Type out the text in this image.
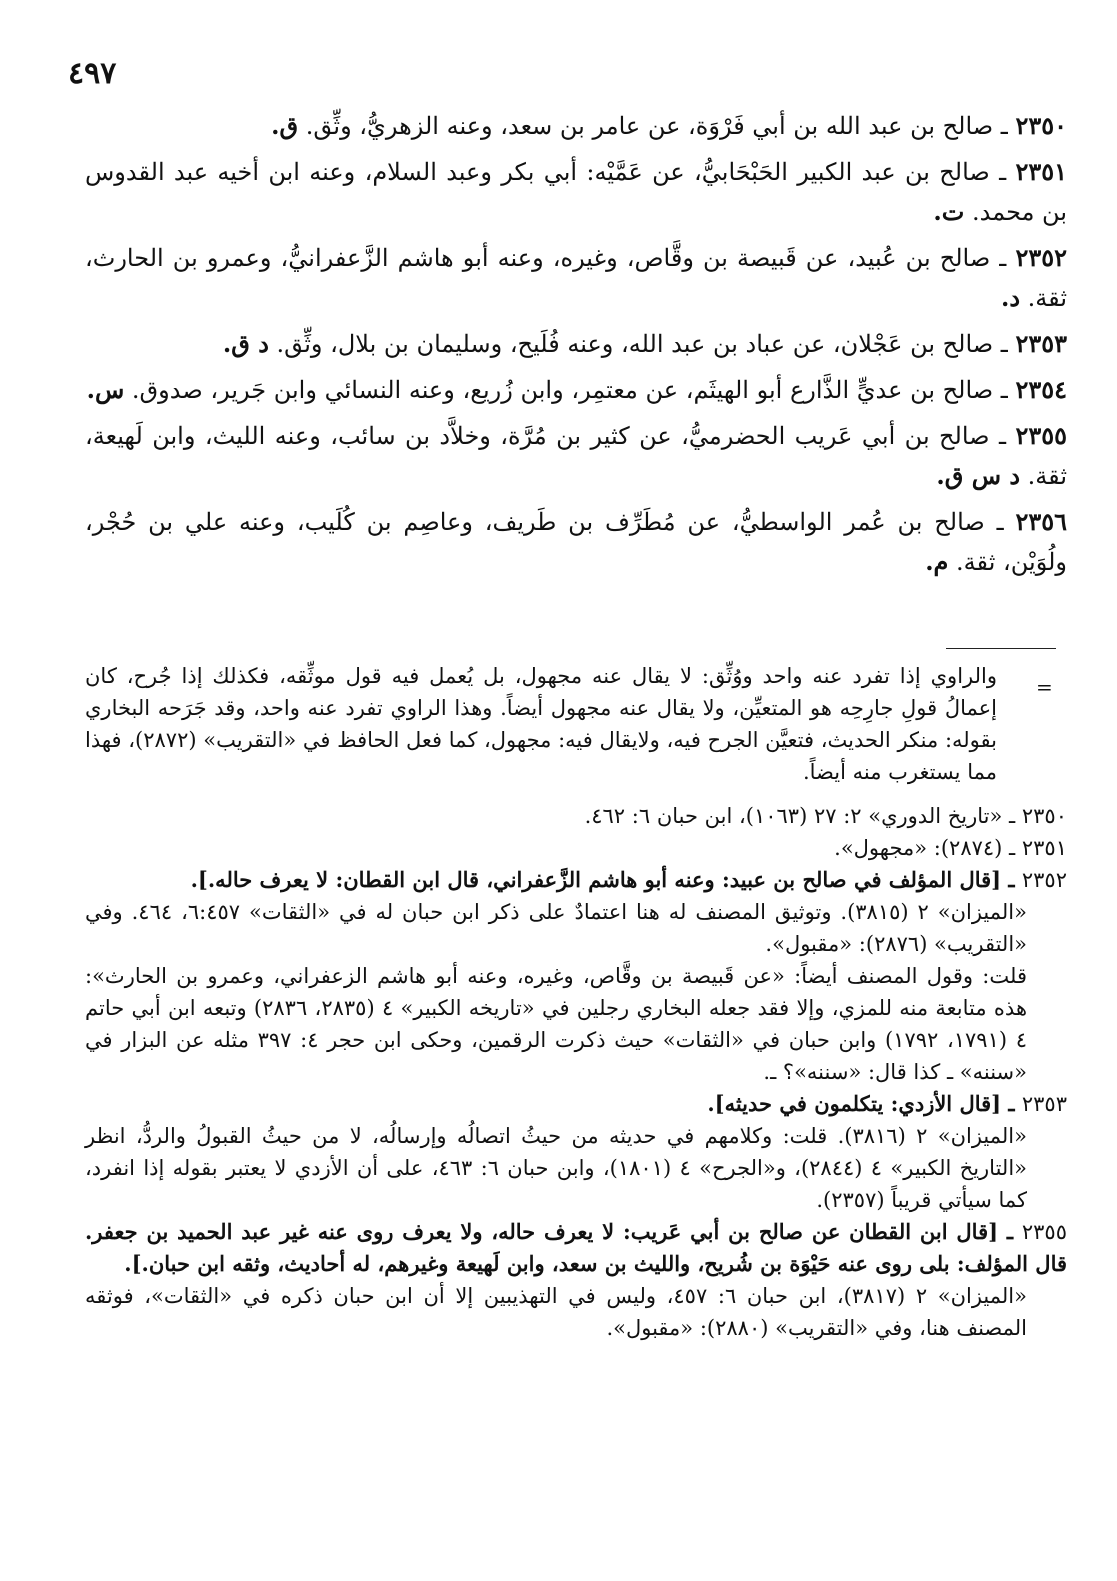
٤٩٧

٢٣٥٠ ـ صالح بن عبد الله بن أبي فَرْوَة، عن عامر بن سعد، وعنه الزهريُّ، وثِّق. ق.

٢٣٥١ ـ صالح بن عبد الكبير الحَبْحَابيُّ، عن عَمَّيْه: أبي بكر وعبد السلام، وعنه ابن أخيه عبد القدوس بن محمد. ت.

٢٣٥٢ ـ صالح بن عُبيد، عن قَبيصة بن وقَّاص، وغيره، وعنه أبو هاشم الزَّعفرانيُّ، وعمرو بن الحارث، ثقة. د.

٢٣٥٣ ـ صالح بن عَجْلان، عن عباد بن عبد الله، وعنه فُلَيح، وسليمان بن بلال، وثِّق. د ق.

٢٣٥٤ ـ صالح بن عديٍّ الذَّارع أبو الهيثَم، عن معتمِر، وابن زُريع، وعنه النسائي وابن جَرير، صدوق. س.

٢٣٥٥ ـ صالح بن أبي عَريب الحضرميُّ، عن كثير بن مُرَّة، وخلاَّد بن سائب، وعنه الليث، وابن لَهيعة، ثقة. د س ق.

٢٣٥٦ ـ صالح بن عُمر الواسطيُّ، عن مُطَرِّف بن طَريف، وعاصِم بن كُلَيب، وعنه علي بن حُجْر، ولُوَيْن، ثقة. م.

=

والراوي إذا تفرد عنه واحد ووُثِّق: لا يقال عنه مجهول، بل يُعمل فيه قول موثِّقه، فكذلك إذا جُرح، كان إعمالُ قولِ جارِحِه هو المتعيِّن، ولا يقال عنه مجهول أيضاً. وهذا الراوي تفرد عنه واحد، وقد جَرَحه البخاري بقوله: منكر الحديث، فتعيَّن الجرح فيه، ولايقال فيه: مجهول، كما فعل الحافظ في «التقريب» (٢٨٧٢)، فهذا مما يستغرب منه أيضاً.

٢٣٥٠ ـ «تاريخ الدوري» ٢: ٢٧ (١٠٦٣)، ابن حبان ٦: ٤٦٢.

٢٣٥١ ـ (٢٨٧٤): «مجهول».

٢٣٥٢ ـ [قال المؤلف في صالح بن عبيد: وعنه أبو هاشم الزَّعفراني، قال ابن القطان: لا يعرف حاله.].

«الميزان» ٢ (٣٨١٥). وتوثيق المصنف له هنا اعتمادٌ على ذكر ابن حبان له في «الثقات» ٦:٤٥٧، ٤٦٤. وفي «التقريب» (٢٨٧٦): «مقبول».

قلت: وقول المصنف أيضاً: «عن قَبيصة بن وقَّاص، وغيره، وعنه أبو هاشم الزعفراني، وعمرو بن الحارث»: هذه متابعة منه للمزي، وإلا فقد جعله البخاري رجلين في «تاريخه الكبير» ٤ (٢٨٣٥، ٢٨٣٦) وتبعه ابن أبي حاتم ٤ (١٧٩١، ١٧٩٢) وابن حبان في «الثقات» حيث ذكرت الرقمين، وحكى ابن حجر ٤: ٣٩٧ مثله عن البزار في «سننه» ـ كذا قال: «سننه»؟ ـ.

٢٣٥٣ ـ [قال الأزدي: يتكلمون في حديثه].

«الميزان» ٢ (٣٨١٦). قلت: وكلامهم في حديثه من حيثُ اتصالُه وإرسالُه، لا من حيثُ القبولُ والردُّ، انظر «التاريخ الكبير» ٤ (٢٨٤٤)، و«الجرح» ٤ (١٨٠١)، وابن حبان ٦: ٤٦٣، على أن الأزدي لا يعتبر بقوله إذا انفرد، كما سيأتي قريباً (٢٣٥٧).

٢٣٥٥ ـ [قال ابن القطان عن صالح بن أبي عَريب: لا يعرف حاله، ولا يعرف روى عنه غير عبد الحميد بن جعفر. قال المؤلف: بلى روى عنه حَيْوَة بن شُريح، والليث بن سعد، وابن لَهيعة وغيرهم، له أحاديث، وثقه ابن حبان.].

«الميزان» ٢ (٣٨١٧)، ابن حبان ٦: ٤٥٧، وليس في التهذيبين إلا أن ابن حبان ذكره في «الثقات»، فوثقه المصنف هنا، وفي «التقريب» (٢٨٨٠): «مقبول».
